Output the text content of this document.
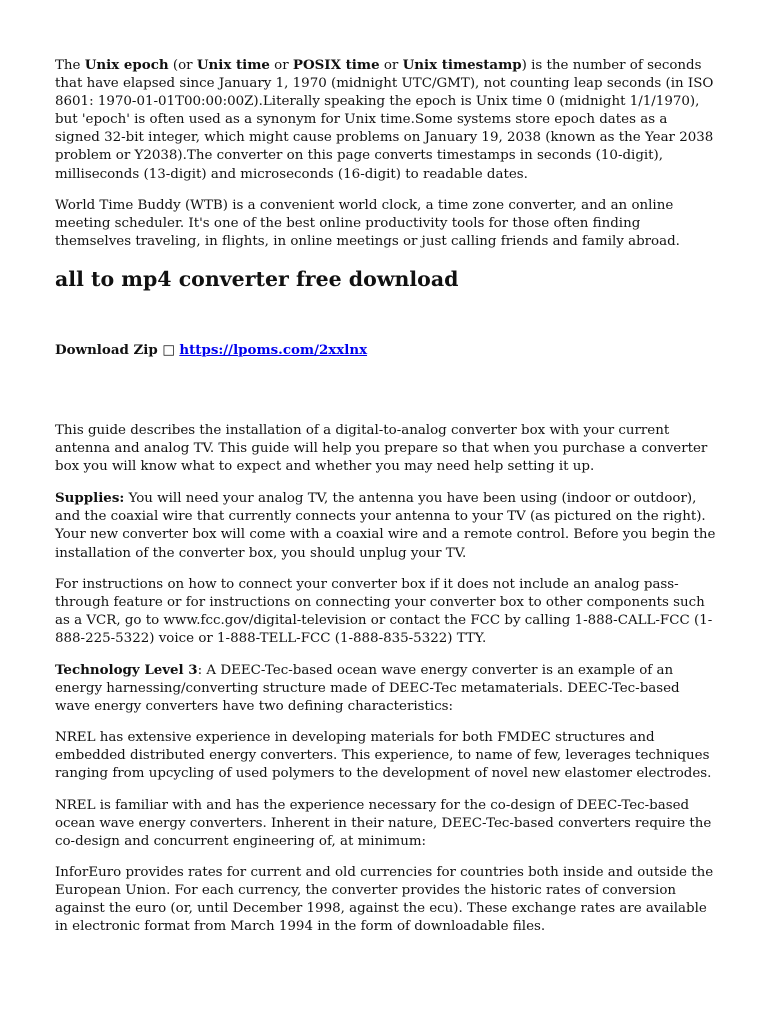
The Unix epoch (or Unix time or POSIX time or Unix timestamp) is the number of seconds that have elapsed since January 1, 1970 (midnight UTC/GMT), not counting leap seconds (in ISO 8601: 1970-01-01T00:00:00Z).Literally speaking the epoch is Unix time 0 (midnight 1/1/1970), but 'epoch' is often used as a synonym for Unix time.Some systems store epoch dates as a signed 32-bit integer, which might cause problems on January 19, 2038 (known as the Year 2038 problem or Y2038).The converter on this page converts timestamps in seconds (10-digit), milliseconds (13-digit) and microseconds (16-digit) to readable dates.

World Time Buddy (WTB) is a convenient world clock, a time zone converter, and an online meeting scheduler. It's one of the best online productivity tools for those often finding themselves traveling, in flights, in online meetings or just calling friends and family abroad.

all to mp4 converter free download

Download Zip □ https://lpoms.com/2xxlnx

This guide describes the installation of a digital-to-analog converter box with your current antenna and analog TV. This guide will help you prepare so that when you purchase a converter box you will know what to expect and whether you may need help setting it up.

Supplies: You will need your analog TV, the antenna you have been using (indoor or outdoor), and the coaxial wire that currently connects your antenna to your TV (as pictured on the right). Your new converter box will come with a coaxial wire and a remote control. Before you begin the installation of the converter box, you should unplug your TV.

For instructions on how to connect your converter box if it does not include an analog pass-through feature or for instructions on connecting your converter box to other components such as a VCR, go to www.fcc.gov/digital-television or contact the FCC by calling 1-888-CALL-FCC (1-888-225-5322) voice or 1-888-TELL-FCC (1-888-835-5322) TTY.

Technology Level 3: A DEEC-Tec-based ocean wave energy converter is an example of an energy harnessing/converting structure made of DEEC-Tec metamaterials. DEEC-Tec-based wave energy converters have two defining characteristics:

NREL has extensive experience in developing materials for both FMDEC structures and embedded distributed energy converters. This experience, to name of few, leverages techniques ranging from upcycling of used polymers to the development of novel new elastomer electrodes.

NREL is familiar with and has the experience necessary for the co-design of DEEC-Tec-based ocean wave energy converters. Inherent in their nature, DEEC-Tec-based converters require the co-design and concurrent engineering of, at minimum:

InforEuro provides rates for current and old currencies for countries both inside and outside the European Union. For each currency, the converter provides the historic rates of conversion against the euro (or, until December 1998, against the ecu). These exchange rates are available in electronic format from March 1994 in the form of downloadable files.
